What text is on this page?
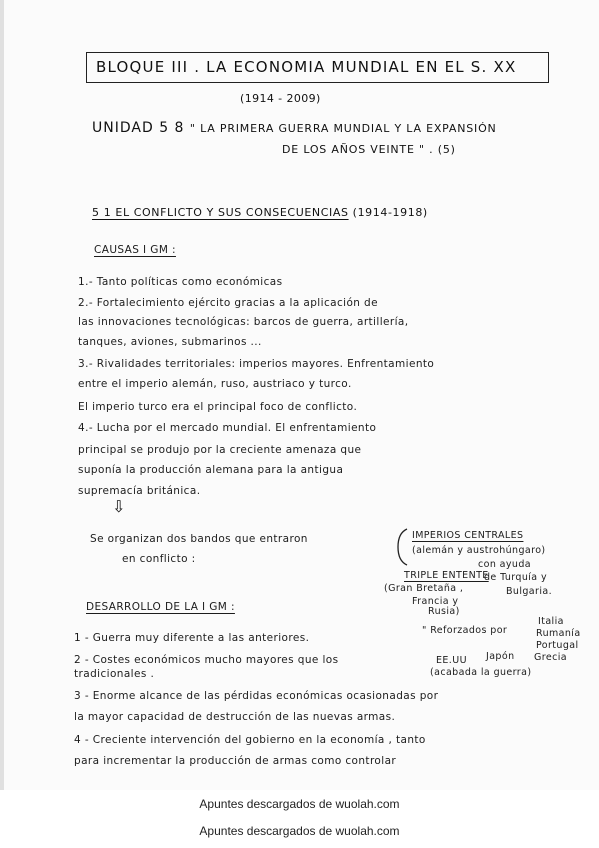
BLOQUE III . LA ECONOMIA MUNDIAL EN EL S. XX
(1914 - 2009)
UNIDAD 5 8 " LA PRIMERA GUERRA MUNDIAL Y LA EXPANSIÓN
DE LOS AÑOS VEINTE " . (5)
5 1 EL CONFLICTO Y SUS CONSECUENCIAS (1914-1918)
CAUSAS I GM :
1.- Tanto políticas como económicas
2.- Fortalecimiento ejército gracias a la aplicación de
las innovaciones tecnológicas: barcos de guerra, artillería,
tanques, aviones, submarinos ...
3.- Rivalidades territoriales: imperios mayores. Enfrentamiento
entre el imperio alemán, ruso, austriaco y turco.
El imperio turco era el principal foco de conflicto.
4.- Lucha por el mercado mundial. El enfrentamiento
principal se produjo por la creciente amenaza que
suponía la producción alemana para la antigua
supremacía británica.
⇩
Se organizan dos bandos que entraron
en conflicto :
IMPERIOS CENTRALES
(alemán y austrohúngaro)
con ayuda
TRIPLE ENTENTE
de Turquía y
(Gran Bretaña ,	Bulgaria.
Francia y
Rusia)
DESARROLLO DE LA I GM :
" Reforzados por
Italia
Rumanía
Portugal
Grecia
Japón
EE.UU
(acabada la guerra)
1 - Guerra muy diferente a las anteriores.
2 - Costes económicos mucho mayores que los
tradicionales .
3 - Enorme alcance de las pérdidas económicas ocasionadas por
la mayor capacidad de destrucción de las nuevas armas.
4 - Creciente intervención del gobierno en la economía , tanto
para incrementar la producción de armas como controlar
Apuntes descargados de wuolah.com
Apuntes descargados de wuolah.com
